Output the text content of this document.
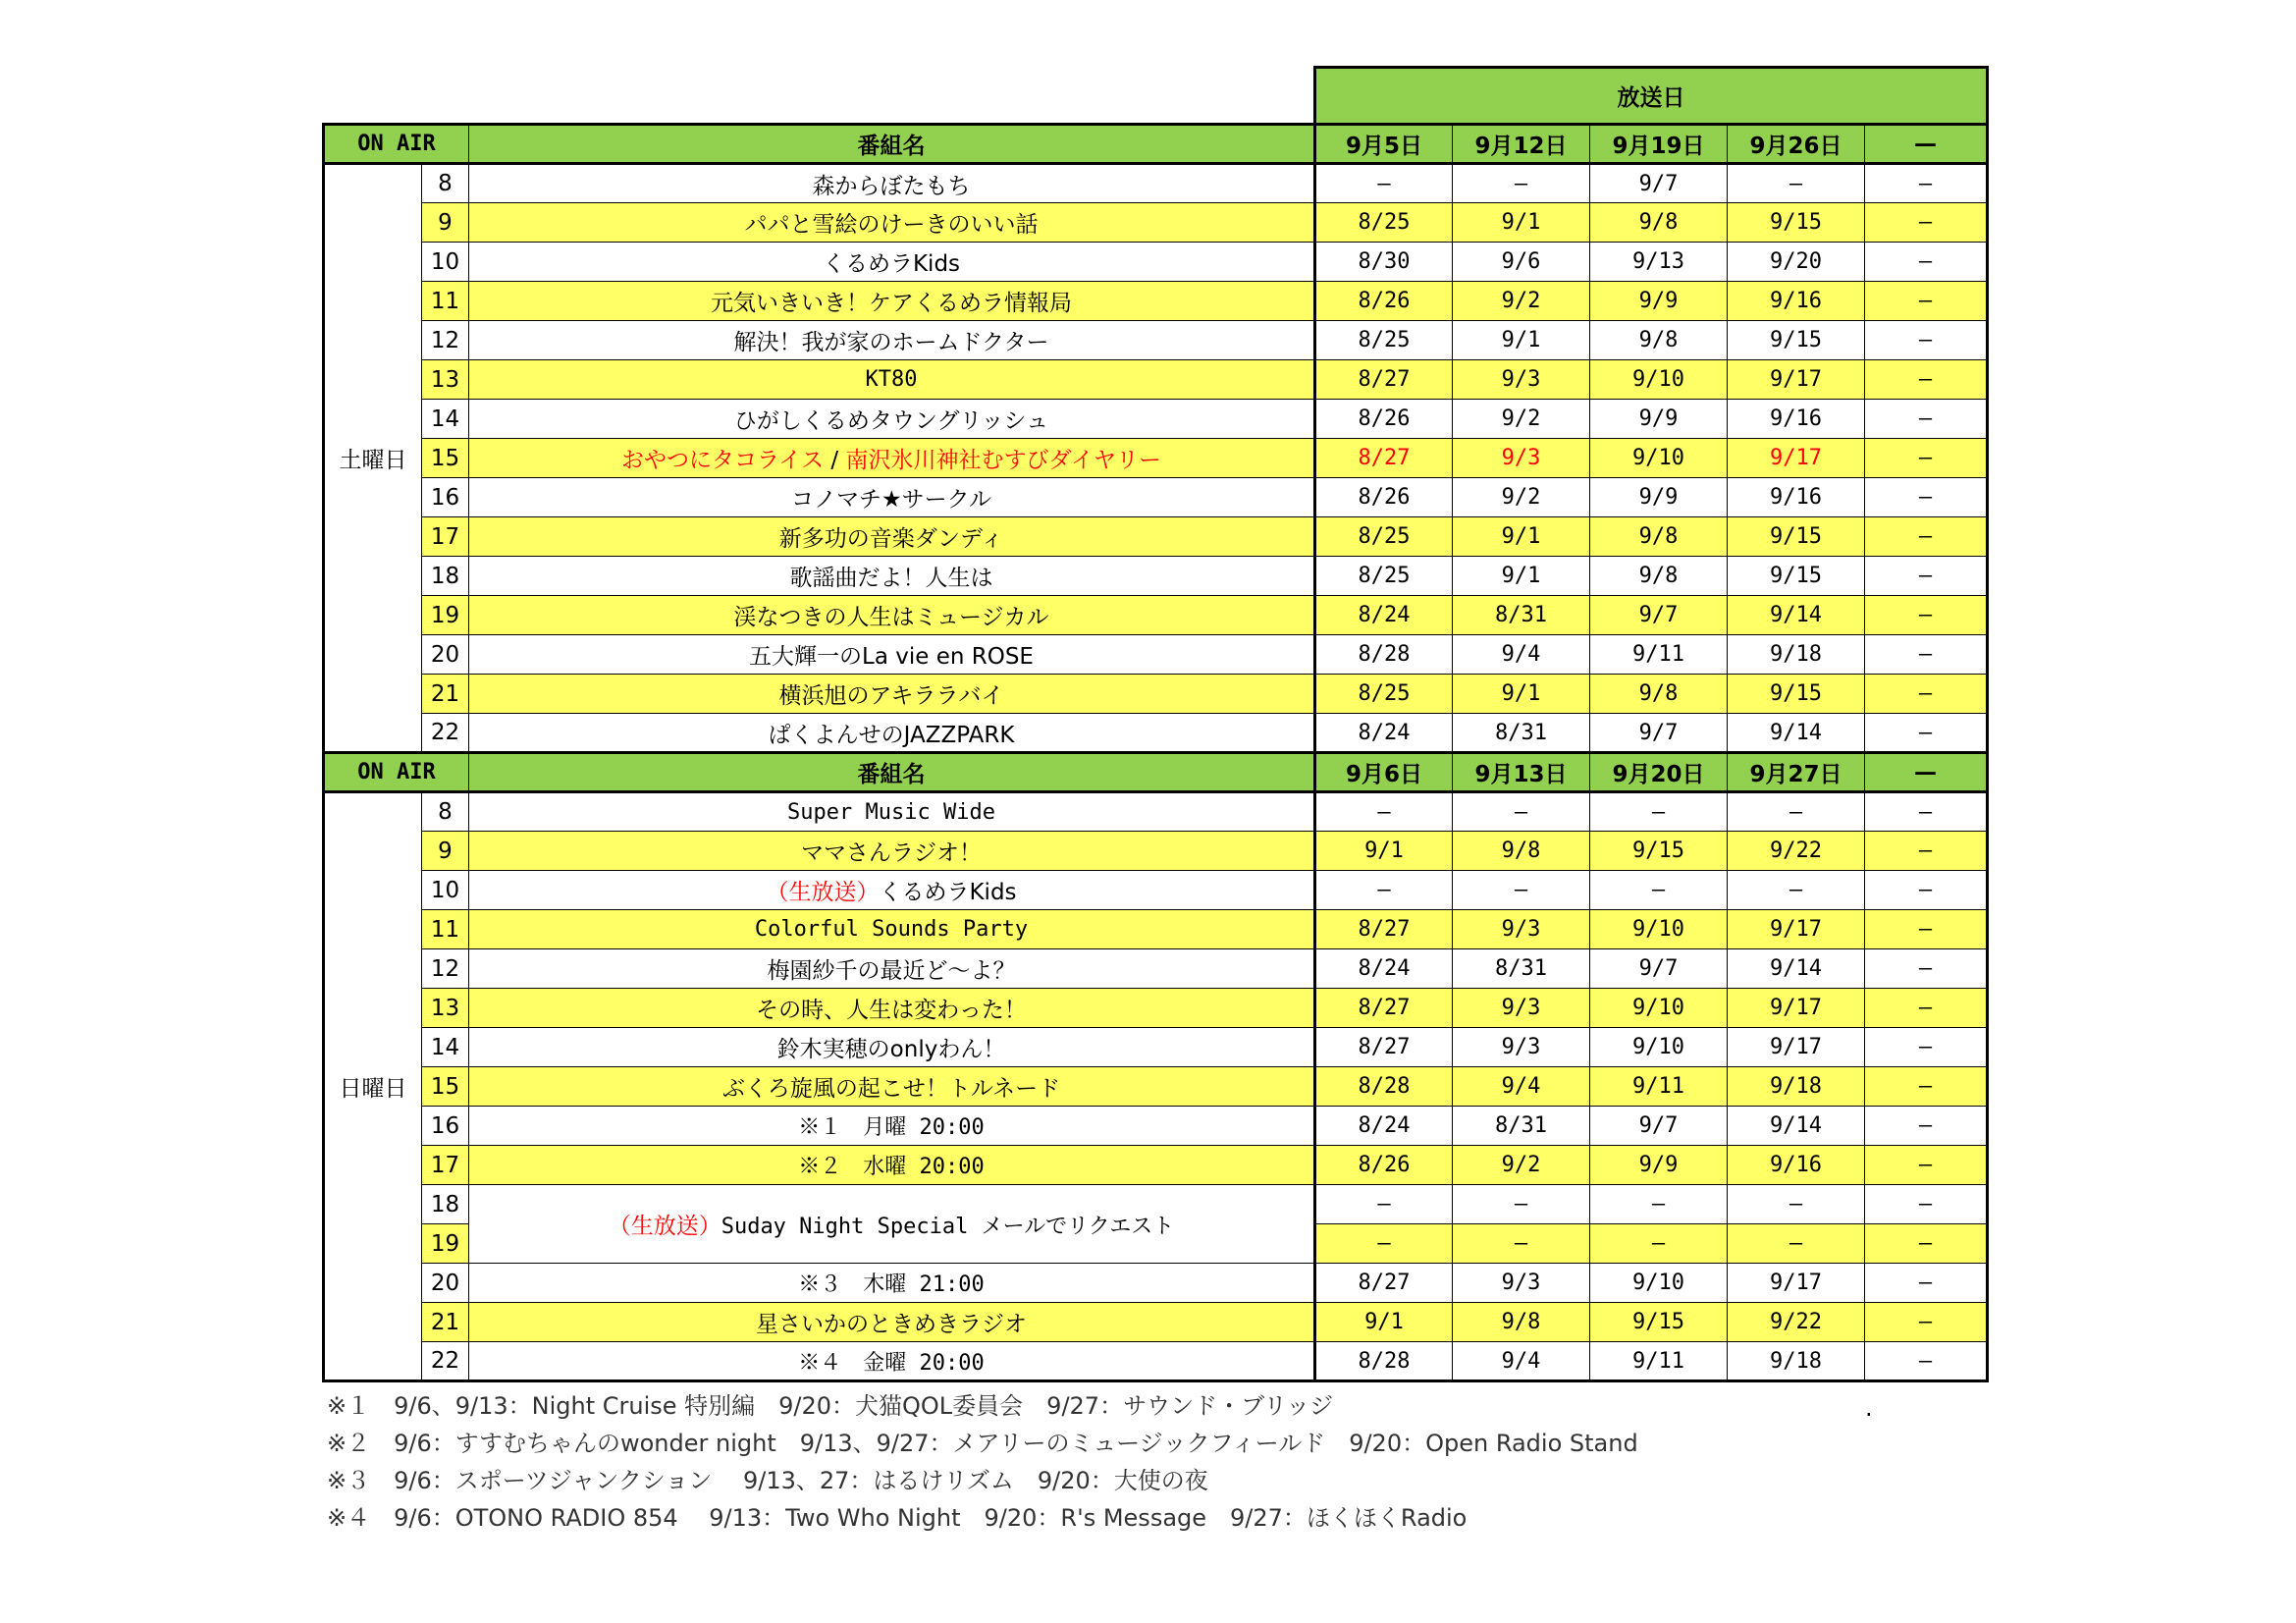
			放送日				
ON AIR		番組名	9月5日	9月12日	9月19日	9月26日	—
土曜日	8	森からぼたもち	—	—	9/7	—	—
	9	パパと雪絵のけーきのいい話	8/25	9/1	9/8	9/15	—
	10	くるめラKids	8/30	9/6	9/13	9/20	—
	11	元気いきいき！ケアくるめラ情報局	8/26	9/2	9/9	9/16	—
	12	解決！我が家のホームドクター	8/25	9/1	9/8	9/15	—
	13	KT80	8/27	9/3	9/10	9/17	—
	14	ひがしくるめタウングリッシュ	8/26	9/2	9/9	9/16	—
	15	おやつにタコライス / 南沢氷川神社むすびダイヤリー	8/27	9/3	9/10	9/17	—
	16	コノマチ★サークル	8/26	9/2	9/9	9/16	—
	17	新多功の音楽ダンディ	8/25	9/1	9/8	9/15	—
	18	歌謡曲だよ！人生は	8/25	9/1	9/8	9/15	—
	19	渓なつきの人生はミュージカル	8/24	8/31	9/7	9/14	—
	20	五大輝一のLa vie en ROSE	8/28	9/4	9/11	9/18	—
	21	横浜旭のアキララバイ	8/25	9/1	9/8	9/15	—
	22	ぱくよんせのJAZZPARK	8/24	8/31	9/7	9/14	—
ON AIR		番組名	9月6日	9月13日	9月20日	9月27日	—
日曜日	8	Super Music Wide	—	—	—	—	—
	9	ママさんラジオ！	9/1	9/8	9/15	9/22	—
	10	（生放送）くるめラKids	—	—	—	—	—
	11	Colorful Sounds Party	8/27	9/3	9/10	9/17	—
	12	梅園紗千の最近ど～よ？	8/24	8/31	9/7	9/14	—
	13	その時、人生は変わった！	8/27	9/3	9/10	9/17	—
	14	鈴木実穂のonlyわん！	8/27	9/3	9/10	9/17	—
	15	ぶくろ旋風の起こせ！トルネード	8/28	9/4	9/11	9/18	—
	16	※１　月曜 20:00	8/24	8/31	9/7	9/14	—
	17	※２　水曜 20:00	8/26	9/2	9/9	9/16	—
	18	（生放送）Suday Night Special メールでリクエスト	—	—	—	—	—
	19		—	—	—	—	—
	20	※３　木曜 21:00	8/27	9/3	9/10	9/17	—
	21	星さいかのときめきラジオ	9/1	9/8	9/15	9/22	—
	22	※４　金曜 20:00	8/28	9/4	9/11	9/18	—
※１　9/6、9/13：Night Cruise 特別編　9/20：犬猫QOL委員会　9/27：サウンド・ブリッジ
※２　9/6：すすむちゃんのwonder night　9/13、9/27：メアリーのミュージックフィールド　9/20：Open Radio Stand
※３　9/6：スポーツジャンクション　 9/13、27：はるけリズム　9/20：大使の夜
※４　9/6：OTONO RADIO 854　 9/13：Two Who Night　9/20：R's Message　9/27：ほくほくRadio
.
